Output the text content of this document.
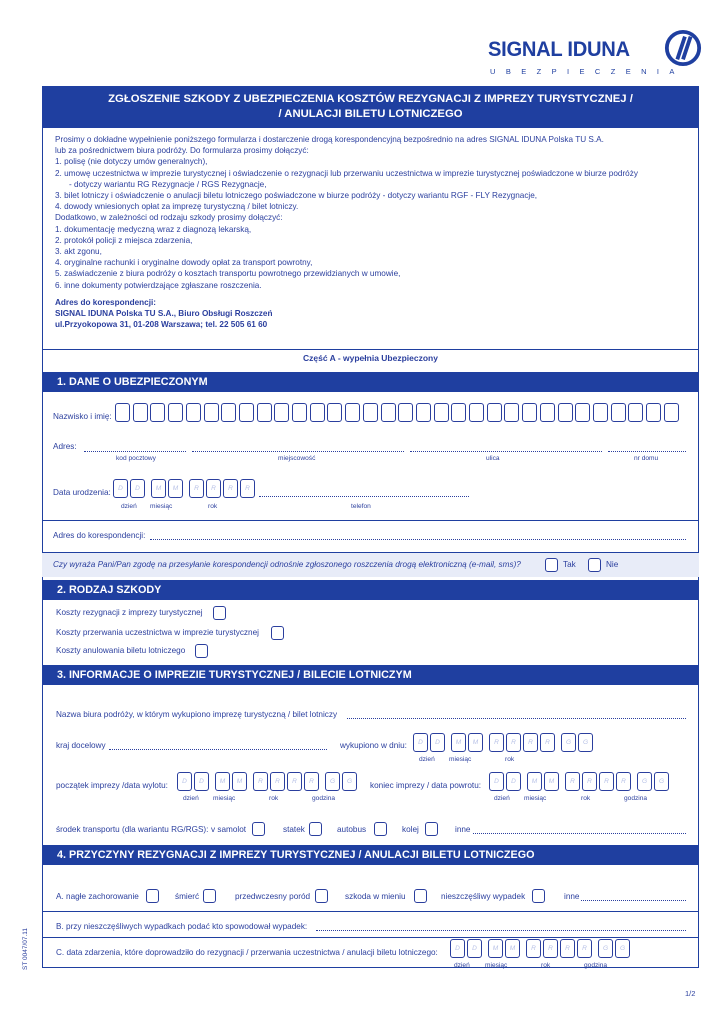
SIGNAL IDUNA
UBEZPIECZENIA
ZGŁOSZENIE SZKODY Z UBEZPIECZENIA KOSZTÓW REZYGNACJI Z IMPREZY TURYSTYCZNEJ /
/ ANULACJI BILETU LOTNICZEGO
Prosimy o dokładne wypełnienie poniższego formularza i dostarczenie drogą korespondencyjną bezpośrednio na adres SIGNAL IDUNA Polska TU S.A.
lub za pośrednictwem biura podróży. Do formularza prosimy dołączyć:
1. polisę (nie dotyczy umów generalnych),
2. umowę uczestnictwa w imprezie turystycznej i oświadczenie o rezygnacji lub przerwaniu uczestnictwa w imprezie turystycznej poświadczone w biurze podróży
- dotyczy wariantu RG Rezygnacje / RGS Rezygnacje,
3. bilet lotniczy i oświadczenie o anulacji biletu lotniczego poświadczone w biurze podróży - dotyczy wariantu RGF - FLY Rezygnacje,
4. dowody wniesionych opłat za imprezę turystyczną / bilet lotniczy.
Dodatkowo, w zależności od rodzaju szkody prosimy dołączyć:
1. dokumentację medyczną wraz z diagnozą lekarską,
2. protokół policji z miejsca zdarzenia,
3. akt zgonu,
4. oryginalne rachunki i oryginalne dowody opłat za transport powrotny,
5. zaświadczenie z biura podróży o kosztach transportu powrotnego przewidzianych w umowie,
6. inne dokumenty potwierdzające zgłaszane roszczenia.
Adres do korespondencji:
SIGNAL IDUNA Polska TU S.A., Biuro Obsługi Roszczeń
ul.Przyokopowa 31, 01-208 Warszawa; tel. 22 505 61 60
Część A - wypełnia Ubezpieczony
1. DANE O UBEZPIECZONYM
Nazwisko i imię:
Adres:
kod pocztowy	miejscowość	ulica	nr domu
Data urodzenia:	D	D	M	M	R	R	R	R
dzień miesiąc	rok	telefon
Adres do korespondencji:
Czy wyraża Pani/Pan zgodę na przesyłanie korespondencji odnośnie zgłoszonego roszczenia drogą elektroniczną (e-mail, sms)?	Tak	Nie
2. RODZAJ SZKODY
Koszty rezygnacji z imprezy turystycznej
Koszty przerwania uczestnictwa w imprezie turystycznej
Koszty anulowania biletu lotniczego
3. INFORMACJE O IMPREZIE TURYSTYCZNEJ / BILECIE LOTNICZYM
Nazwa biura podróży, w którym wykupiono imprezę turystyczną / bilet lotniczy
kraj docelowy	wykupiono w dniu:	D	D	M	M	R	R	R	R	G	G
dzień miesiąc	rok
początek imprezy /data wylotu:	D	D	M	M	R	R	R	R	G	G
dzień miesiąc	rok	godzina
koniec imprezy / data powrotu:	D	D	M	M	R	R	R	R	G	G
dzień miesiąc	rok	godzina
środek transportu (dla wariantu RG/RGS): v samolot	statek	autobus	kolej	inne
4. PRZYCZYNY REZYGNACJI Z IMPREZY TURYSTYCZNEJ / ANULACJI BILETU LOTNICZEGO
A. nagłe zachorowanie	śmierć	przedwczesny poród	szkoda w mieniu	nieszczęśliwy wypadek	inne
B. przy nieszczęśliwych wypadkach podać kto spowodował wypadek:
C. data zdarzenia, które doprowadziło do rezygnacji / przerwania uczestnictwa / anulacji biletu lotniczego:	D	D	M	M	R	R	R	R	G	G
dzień miesiąc	rok	godzina
ST 0047/07.11
1/2
